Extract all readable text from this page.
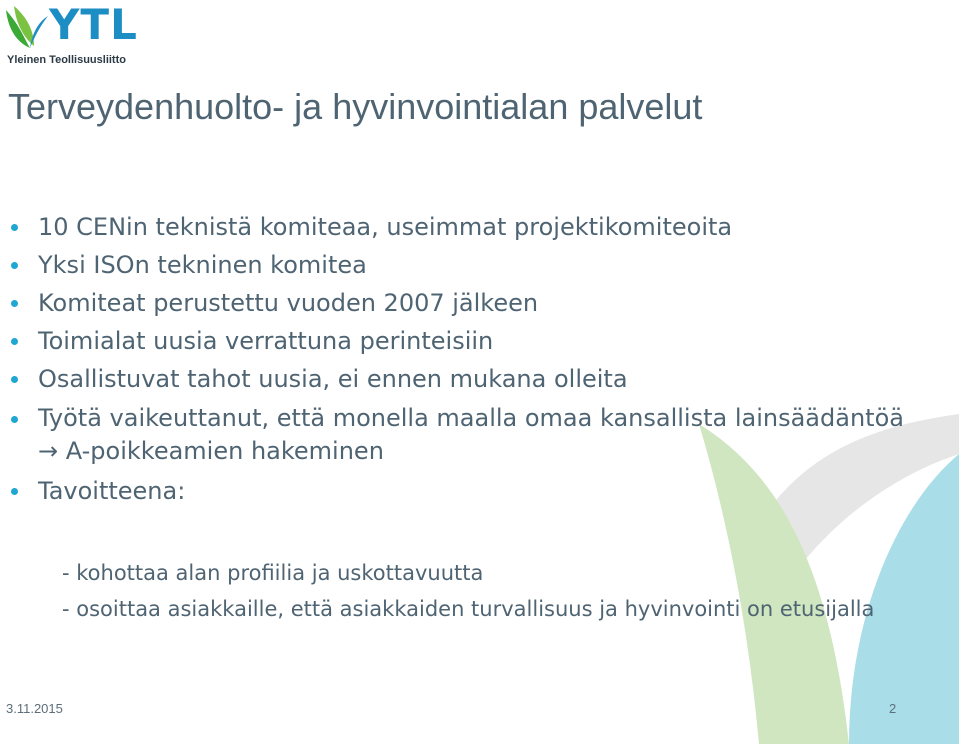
YTL
Yleinen Teollisuusliitto
Terveydenhuolto- ja hyvinvointialan palvelut
10 CENin teknistä komiteaa, useimmat projektikomiteoita
Yksi ISOn tekninen komitea
Komiteat perustettu vuoden 2007 jälkeen
Toimialat uusia verrattuna perinteisiin
Osallistuvat tahot uusia, ei ennen mukana olleita
Työtä vaikeuttanut, että monella maalla omaa kansallista lainsäädäntöä → A-poikkeamien hakeminen
Tavoitteena:
- kohottaa alan profiilia ja uskottavuutta
- osoittaa asiakkaille, että asiakkaiden turvallisuus ja hyvinvointi on etusijalla
3.11.2015	2
